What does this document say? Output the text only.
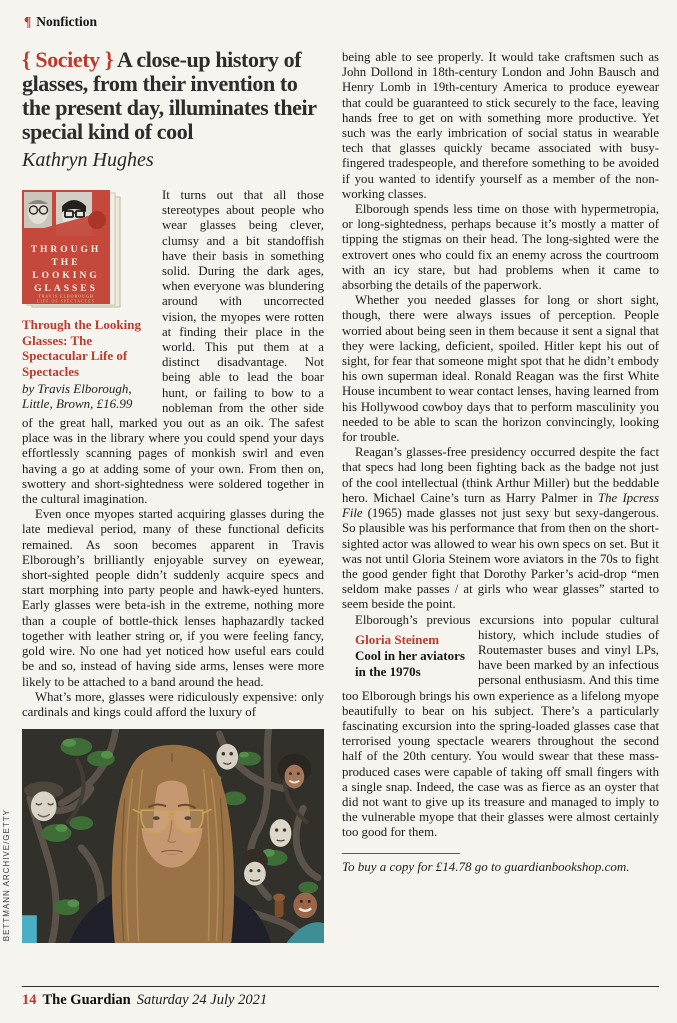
¶ Nonfiction
{ Society } A close-up history of glasses, from their invention to the present day, illuminates their special kind of cool
Kathryn Hughes
THROUGH
THE
LOOKING
GLASSES
TRAVIS ELBOROUGH
LIFE OF SPECTACLES
Through the Looking Glasses: The Spectacular Life of Spectacles
by Travis Elborough, Little, Brown, £16.99

It turns out that all those stereotypes about people who wear glasses being clever, clumsy and a bit standoffish have their basis in something solid. During the dark ages, when everyone was blundering around with uncorrected vision, the myopes were rotten at finding their place in the world. This put them at a distinct disadvantage. Not being able to lead the boar hunt, or failing to bow to a nobleman from the other side of the great hall, marked you out as an oik. The safest place was in the library where you could spend your days effortlessly scanning pages of monkish swirl and even having a go at adding some of your own. From then on, swottery and short-sightedness were soldered together in the cultural imagination.

Even once myopes started acquiring glasses during the late medieval period, many of these functional deficits remained. As soon becomes apparent in Travis Elborough’s brilliantly enjoyable survey on eyewear, short-sighted people didn’t suddenly acquire specs and start morphing into party people and hawk-eyed hunters. Early glasses were beta-ish in the extreme, nothing more than a couple of bottle-thick lenses haphazardly tacked together with leather string or, if you were feeling fancy, gold wire. No one had yet noticed how useful ears could be and so, instead of having side arms, lenses were more likely to be attached to a band around the head.

What’s more, glasses were ridiculously expensive: only cardinals and kings could afford the luxury of

BETTMANN ARCHIVE/GETTY

being able to see properly. It would take craftsmen such as John Dollond in 18th-century London and John Bausch and Henry Lomb in 19th-century America to produce eyewear that could be guaranteed to stick securely to the face, leaving hands free to get on with something more productive. Yet such was the early imbrication of social status in wearable tech that glasses quickly became associated with busy-fingered tradespeople, and therefore something to be avoided if you wanted to identify yourself as a member of the non-working classes.

Elborough spends less time on those with hypermetropia, or long-sightedness, perhaps because it’s mostly a matter of tipping the stigmas on their head. The long-sighted were the extrovert ones who could fix an enemy across the courtroom with an icy stare, but had problems when it came to absorbing the details of the paperwork.

Whether you needed glasses for long or short sight, though, there were always issues of perception. People worried about being seen in them because it sent a signal that they were lacking, deficient, spoiled. Hitler kept his out of sight, for fear that someone might spot that he didn’t embody his own superman ideal. Ronald Reagan was the first White House incumbent to wear contact lenses, having learned from his Hollywood cowboy days that to perform masculinity you needed to be able to scan the horizon convincingly, looking for trouble.

Reagan’s glasses-free presidency occurred despite the fact that specs had long been fighting back as the badge not just of the cool intellectual (think Arthur Miller) but the beddable hero. Michael Caine’s turn as Harry Palmer in The Ipcress File (1965) made glasses not just sexy but sexy-dangerous. So plausible was his performance that from then on the short-sighted actor was allowed to wear his own specs on set. But it was not until Gloria Steinem wore aviators in the 70s to fight the good gender fight that Dorothy Parker’s acid-drop “men seldom make passes / at girls who wear glasses” started to seem beside the point.

Elborough’s previous excursions into popular
Gloria Steinem
Cool in her aviators
in the 1970s
cultural history, which include studies of Routemaster buses and vinyl LPs, have been marked by an infectious personal enthusiasm. And this time too Elborough brings his own experience as a lifelong myope beautifully to bear on his subject. There’s a particularly fascinating excursion into the spring-loaded glasses case that terrorised young spectacle wearers throughout the second half of the 20th century. You would swear that these mass-produced cases were capable of taking off small fingers with a single snap. Indeed, the case was as fierce as an oyster that did not want to give up its treasure and managed to imply to the vulnerable myope that their glasses were almost certainly too good for them.

To buy a copy for £14.78 go to guardianbookshop.com.
14 The Guardian Saturday 24 July 2021
